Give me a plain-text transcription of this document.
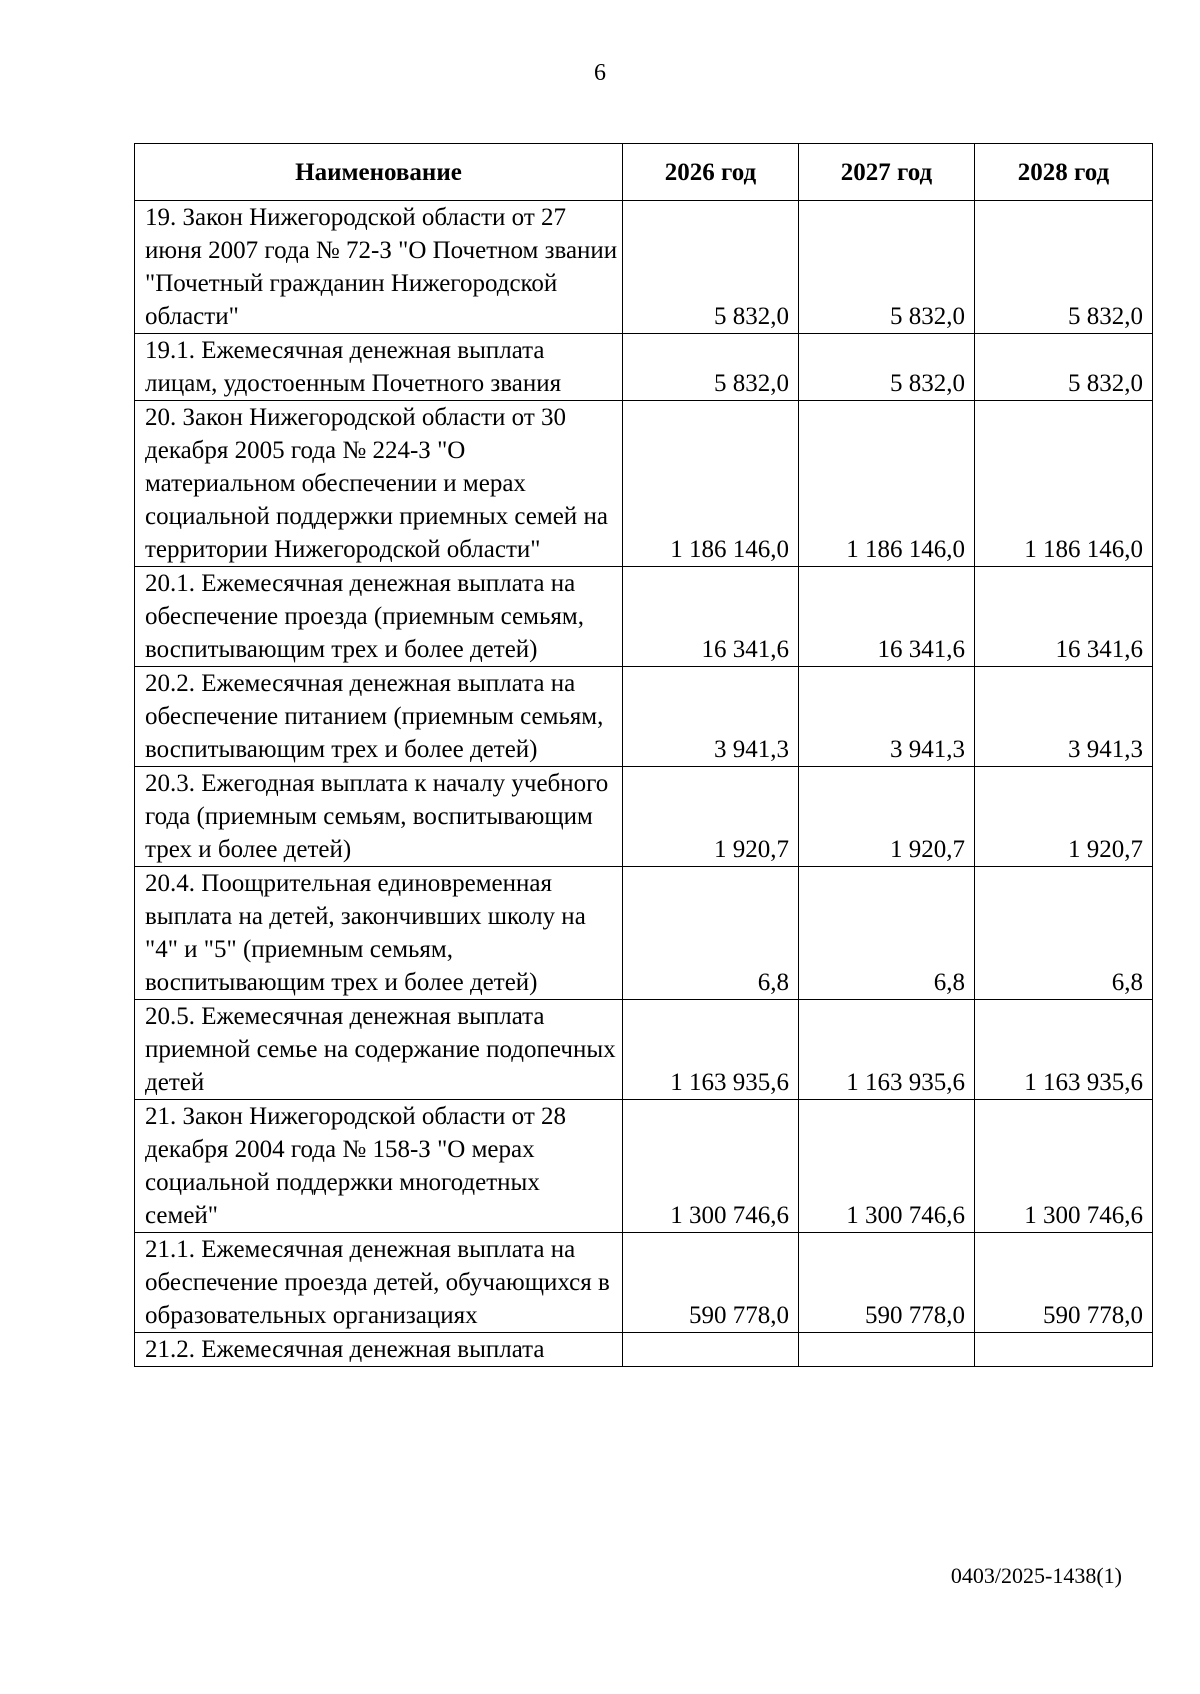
6
Наименование	2026 год	2027 год	2028 год
19. Закон Нижегородской области от 27 июня 2007 года № 72-З "О Почетном звании "Почетный гражданин Нижегородской области"	5 832,0	5 832,0	5 832,0
19.1. Ежемесячная денежная выплата лицам, удостоенным Почетного звания	5 832,0	5 832,0	5 832,0
20. Закон Нижегородской области от 30 декабря 2005 года № 224-З "О материальном обеспечении и мерах социальной поддержки приемных семей на территории Нижегородской области"	1 186 146,0	1 186 146,0	1 186 146,0
20.1. Ежемесячная денежная выплата на обеспечение проезда (приемным семьям, воспитывающим трех и более детей)	16 341,6	16 341,6	16 341,6
20.2. Ежемесячная денежная выплата на обеспечение питанием (приемным семьям, воспитывающим трех и более детей)	3 941,3	3 941,3	3 941,3
20.3. Ежегодная выплата к началу учебного года (приемным семьям, воспитывающим трех и более детей)	1 920,7	1 920,7	1 920,7
20.4. Поощрительная единовременная выплата на детей, закончивших школу на "4" и "5" (приемным семьям, воспитывающим трех и более детей)	6,8	6,8	6,8
20.5. Ежемесячная денежная выплата приемной семье на содержание подопечных детей	1 163 935,6	1 163 935,6	1 163 935,6
21. Закон Нижегородской области от 28 декабря 2004 года № 158-З "О мерах социальной поддержки многодетных семей"	1 300 746,6	1 300 746,6	1 300 746,6
21.1. Ежемесячная денежная выплата на обеспечение проезда детей, обучающихся в образовательных организациях	590 778,0	590 778,0	590 778,0
21.2. Ежемесячная денежная выплата			
0403/2025-1438(1)
